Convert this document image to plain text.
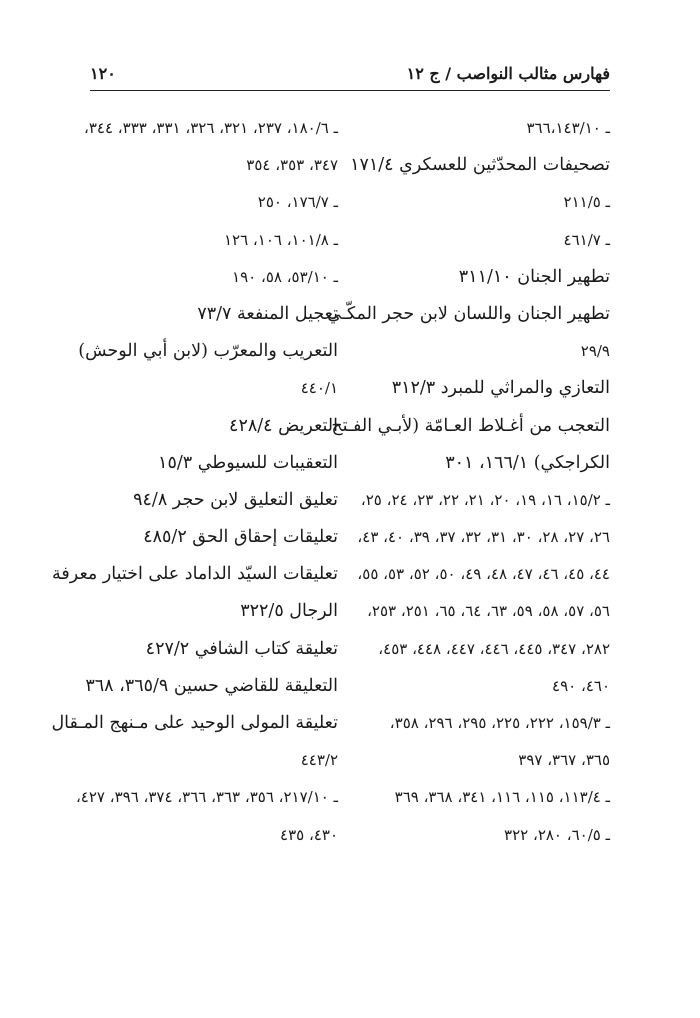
فهارس مثالب النواصب / ج ١٢
١٢٠
ـ ٣٦٦،١٤٣/١٠
تصحيفات المحدّثين للعسكري ١٧١/٤
ـ ٢١١/٥
ـ ٤٦١/٧
تطهير الجنان ٣١١/١٠
تطهير الجنان واللسان لابن حجر المكّـي
٢٩/٩
التعازي والمراثي للمبرد ٣١٢/٣
التعجب من أغـلاط العـامّة (لأبـي الفـتح
الكراجكي) ١٦٦/١، ٣٠١
ـ ١٥/٢، ١٦، ١٩، ٢٠، ٢١، ٢٢، ٢٣، ٢٤، ٢٥،
٢٦، ٢٧، ٢٨، ٣٠، ٣١، ٣٢، ٣٧، ٣٩، ٤٠، ٤٣،
٤٤، ٤٥، ٤٦، ٤٧، ٤٨، ٤٩، ٥٠، ٥٢، ٥٣، ٥٥،
٥٦، ٥٧، ٥٨، ٥٩، ٦٣، ٦٤، ٦٥، ٢٥١، ٢٥٣،
٢٨٢، ٣٤٧، ٤٤٥، ٤٤٦، ٤٤٧، ٤٤٨، ٤٥٣،
٤٦٠، ٤٩٠
ـ ١٥٩/٣، ٢٢٢، ٢٢٥، ٢٩٥، ٢٩٦، ٣٥٨،
٣٦٥، ٣٦٧، ٣٩٧
ـ ١١٣/٤، ١١٥، ١١٦، ٣٤١، ٣٦٨، ٣٦٩
ـ ٦٠/٥، ٢٨٠، ٣٢٢
ـ ١٨٠/٦، ٢٣٧، ٣٢١، ٣٢٦، ٣٣١، ٣٣٣، ٣٤٤،
٣٤٧، ٣٥٣، ٣٥٤
ـ ١٧٦/٧، ٢٥٠
ـ ١٠١/٨، ١٠٦، ١٢٦
ـ ٥٣/١٠، ٥٨، ١٩٠
تعجيل المنفعة ٧٣/٧
التعريب والمعرّب (لابن أبي الوحش)
٤٤٠/١
التعريض ٤٢٨/٤
التعقيبات للسيوطي ١٥/٣
تعليق التعليق لابن حجر ٩٤/٨
تعليقات إحقاق الحق ٤٨٥/٢
تعليقات السيّد الداماد على اختيار معرفة
الرجال ٣٢٢/٥
تعليقة كتاب الشافي ٤٢٧/٢
التعليقة للقاضي حسين ٣٦٥/٩، ٣٦٨
تعليقة المولى الوحيد على مـنهج المـقال
٤٤٣/٢
ـ ٢١٧/١٠، ٣٥٦، ٣٦٣، ٣٦٦، ٣٧٤، ٣٩٦، ٤٢٧،
٤٣٠، ٤٣٥
